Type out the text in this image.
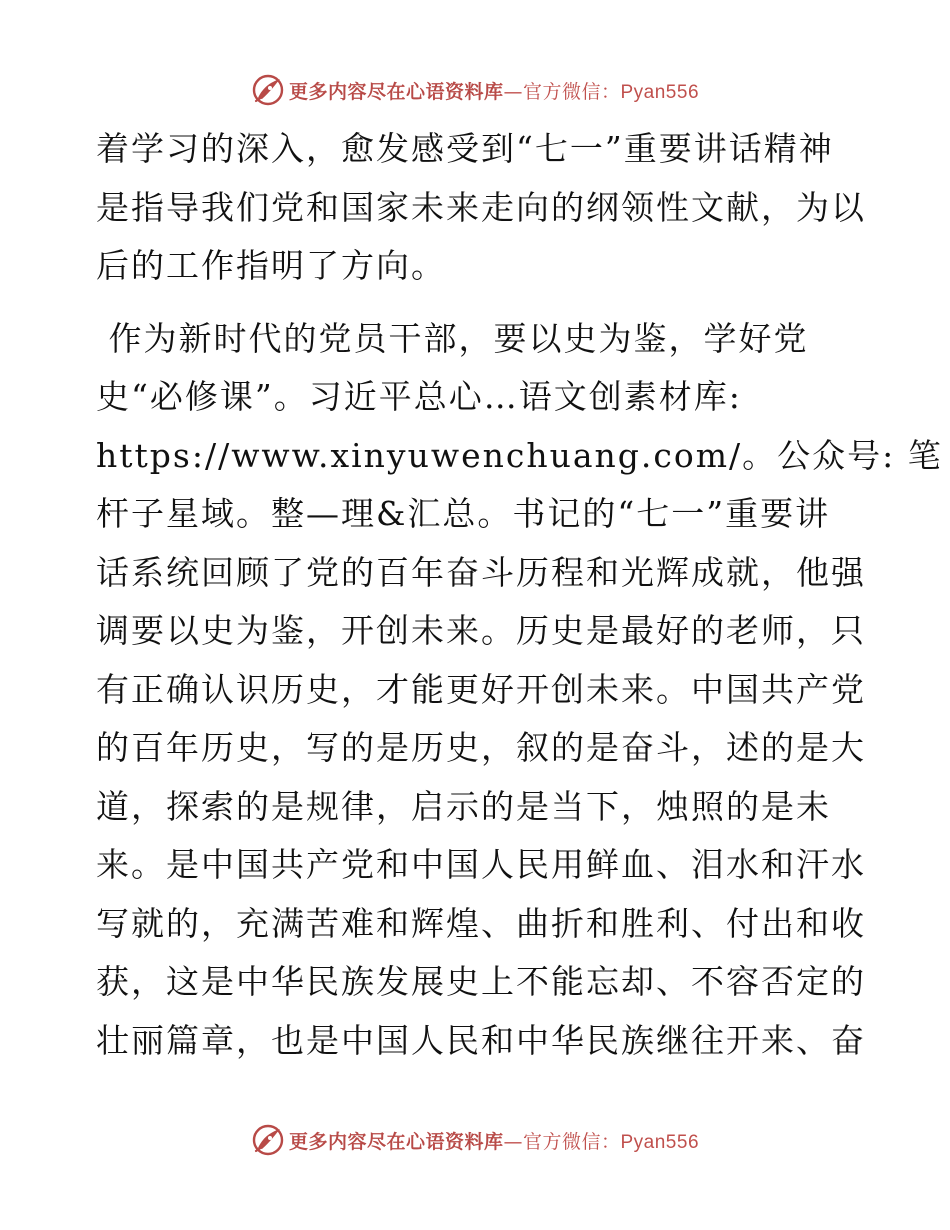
更多内容尽在心语资料库—官方微信：Pyan556

着学习的深入，愈发感受到“七一”重要讲话精神
是指导我们党和国家未来走向的纲领性文献，为以
后的工作指明了方向。

作为新时代的党员干部，要以史为鉴，学好党
史“必修课”。习近平总心…语文创素材库:
https://www.xinyuwenchuang.com/。公众号: 笔
杆子星域。整—理&汇总。书记的“七一”重要讲
话系统回顾了党的百年奋斗历程和光辉成就，他强
调要以史为鉴，开创未来。历史是最好的老师，只
有正确认识历史，才能更好开创未来。中国共产党
的百年历史，写的是历史，叙的是奋斗，述的是大
道，探索的是规律，启示的是当下，烛照的是未
来。是中国共产党和中国人民用鲜血、泪水和汗水
写就的，充满苦难和辉煌、曲折和胜利、付出和收
获，这是中华民族发展史上不能忘却、不容否定的
壮丽篇章，也是中国人民和中华民族继往开来、奋

更多内容尽在心语资料库—官方微信：Pyan556
